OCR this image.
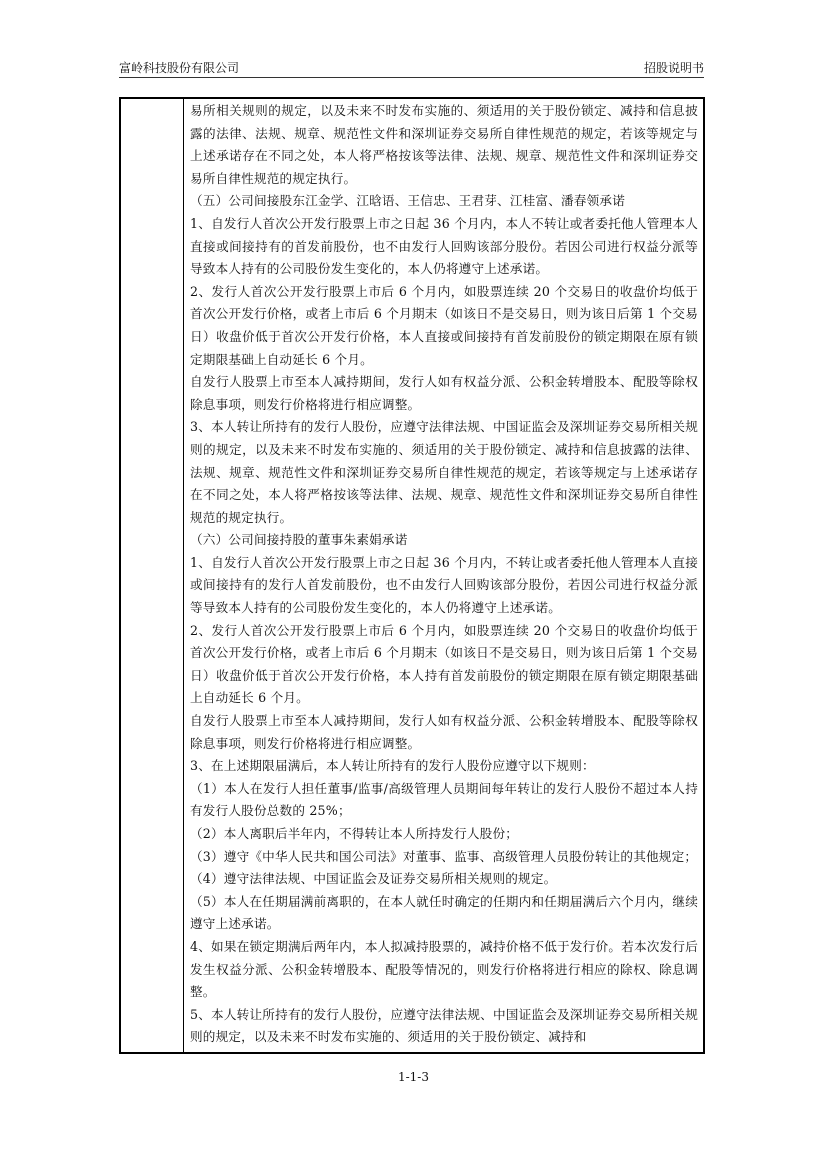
富岭科技股份有限公司	招股说明书

易所相关规则的规定，以及未来不时发布实施的、须适用的关于股份锁定、减持和信息披露的法律、法规、规章、规范性文件和深圳证券交易所自律性规范的规定，若该等规定与上述承诺存在不同之处，本人将严格按该等法律、法规、规章、规范性文件和深圳证券交易所自律性规范的规定执行。

（五）公司间接股东江金学、江晗语、王信忠、王君芽、江桂富、潘春领承诺

1、自发行人首次公开发行股票上市之日起 36 个月内，本人不转让或者委托他人管理本人直接或间接持有的首发前股份，也不由发行人回购该部分股份。若因公司进行权益分派等导致本人持有的公司股份发生变化的，本人仍将遵守上述承诺。

2、发行人首次公开发行股票上市后 6 个月内，如股票连续 20 个交易日的收盘价均低于首次公开发行价格，或者上市后 6 个月期末（如该日不是交易日，则为该日后第 1 个交易日）收盘价低于首次公开发行价格，本人直接或间接持有首发前股份的锁定期限在原有锁定期限基础上自动延长 6 个月。

自发行人股票上市至本人减持期间，发行人如有权益分派、公积金转增股本、配股等除权除息事项，则发行价格将进行相应调整。

3、本人转让所持有的发行人股份，应遵守法律法规、中国证监会及深圳证券交易所相关规则的规定，以及未来不时发布实施的、须适用的关于股份锁定、减持和信息披露的法律、法规、规章、规范性文件和深圳证券交易所自律性规范的规定，若该等规定与上述承诺存在不同之处，本人将严格按该等法律、法规、规章、规范性文件和深圳证券交易所自律性规范的规定执行。

（六）公司间接持股的董事朱素娟承诺

1、自发行人首次公开发行股票上市之日起 36 个月内，不转让或者委托他人管理本人直接或间接持有的发行人首发前股份，也不由发行人回购该部分股份，若因公司进行权益分派等导致本人持有的公司股份发生变化的，本人仍将遵守上述承诺。

2、发行人首次公开发行股票上市后 6 个月内，如股票连续 20 个交易日的收盘价均低于首次公开发行价格，或者上市后 6 个月期末（如该日不是交易日，则为该日后第 1 个交易日）收盘价低于首次公开发行价格，本人持有首发前股份的锁定期限在原有锁定期限基础上自动延长 6 个月。

自发行人股票上市至本人减持期间，发行人如有权益分派、公积金转增股本、配股等除权除息事项，则发行价格将进行相应调整。

3、在上述期限届满后，本人转让所持有的发行人股份应遵守以下规则：

（1）本人在发行人担任董事/监事/高级管理人员期间每年转让的发行人股份不超过本人持有发行人股份总数的 25%；

（2）本人离职后半年内，不得转让本人所持发行人股份；

（3）遵守《中华人民共和国公司法》对董事、监事、高级管理人员股份转让的其他规定；

（4）遵守法律法规、中国证监会及证券交易所相关规则的规定。

（5）本人在任期届满前离职的，在本人就任时确定的任期内和任期届满后六个月内，继续遵守上述承诺。

4、如果在锁定期满后两年内，本人拟减持股票的，减持价格不低于发行价。若本次发行后发生权益分派、公积金转增股本、配股等情况的，则发行价格将进行相应的除权、除息调整。

5、本人转让所持有的发行人股份，应遵守法律法规、中国证监会及深圳证券交易所相关规则的规定，以及未来不时发布实施的、须适用的关于股份锁定、减持和

1-1-3
